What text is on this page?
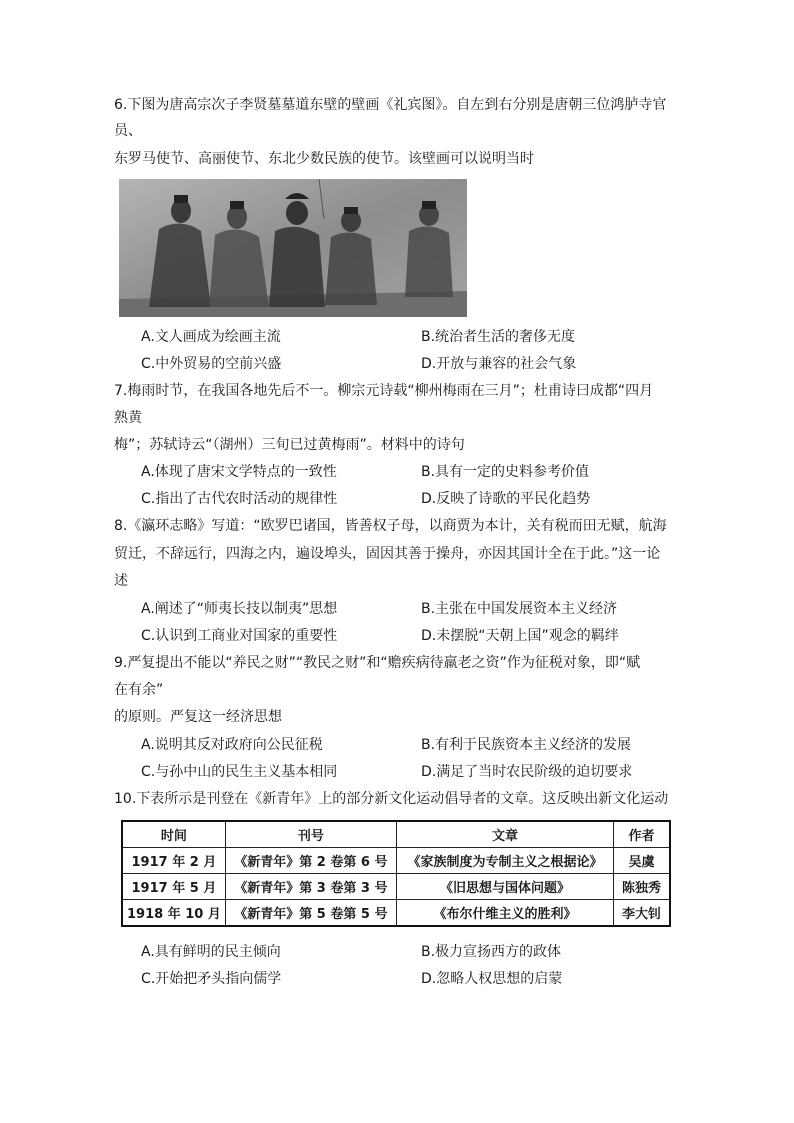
6.下图为唐高宗次子李贤墓墓道东壁的壁画《礼宾图》。自左到右分别是唐朝三位鸿胪寺官
员、
东罗马使节、高丽使节、东北少数民族的使节。该壁画可以说明当时
A.文人画成为绘画主流	B.统治者生活的奢侈无度
C.中外贸易的空前兴盛	D.开放与兼容的社会气象
7.梅雨时节，在我国各地先后不一。柳宗元诗载“柳州梅雨在三月”；杜甫诗曰成都“四月
熟黄
梅”；苏轼诗云“（湖州）三旬已过黄梅雨”。材料中的诗句
A.体现了唐宋文学特点的一致性	B.具有一定的史料参考价值
C.指出了古代农时活动的规律性	D.反映了诗歌的平民化趋势
8.《瀛环志略》写道：“欧罗巴诸国，皆善权子母，以商贾为本计，关有税而田无赋，航海
贸迁，不辞远行，四海之内，遍设埠头，固因其善于操舟，亦因其国计全在于此。”这一论
述
A.阐述了“师夷长技以制夷”思想	B.主张在中国发展资本主义经济
C.认识到工商业对国家的重要性	D.未摆脱“天朝上国”观念的羁绊
9.严复提出不能以“养民之财”“教民之财”和“赡疾病待羸老之资”作为征税对象，即“赋
在有余”
的原则。严复这一经济思想
A.说明其反对政府向公民征税	B.有利于民族资本主义经济的发展
C.与孙中山的民生主义基本相同	D.满足了当时农民阶级的迫切要求
10.下表所示是刊登在《新青年》上的部分新文化运动倡导者的文章。这反映出新文化运动
时间	刊号	文章	作者
1917 年 2 月	《新青年》第 2 卷第 6 号	《家族制度为专制主义之根据论》	吴虞
1917 年 5 月	《新青年》第 3 卷第 3 号	《旧思想与国体问题》	陈独秀
1918 年 10 月	《新青年》第 5 卷第 5 号	《布尔什维主义的胜利》	李大钊
A.具有鲜明的民主倾向	B.极力宣扬西方的政体
C.开始把矛头指向儒学	D.忽略人权思想的启蒙
